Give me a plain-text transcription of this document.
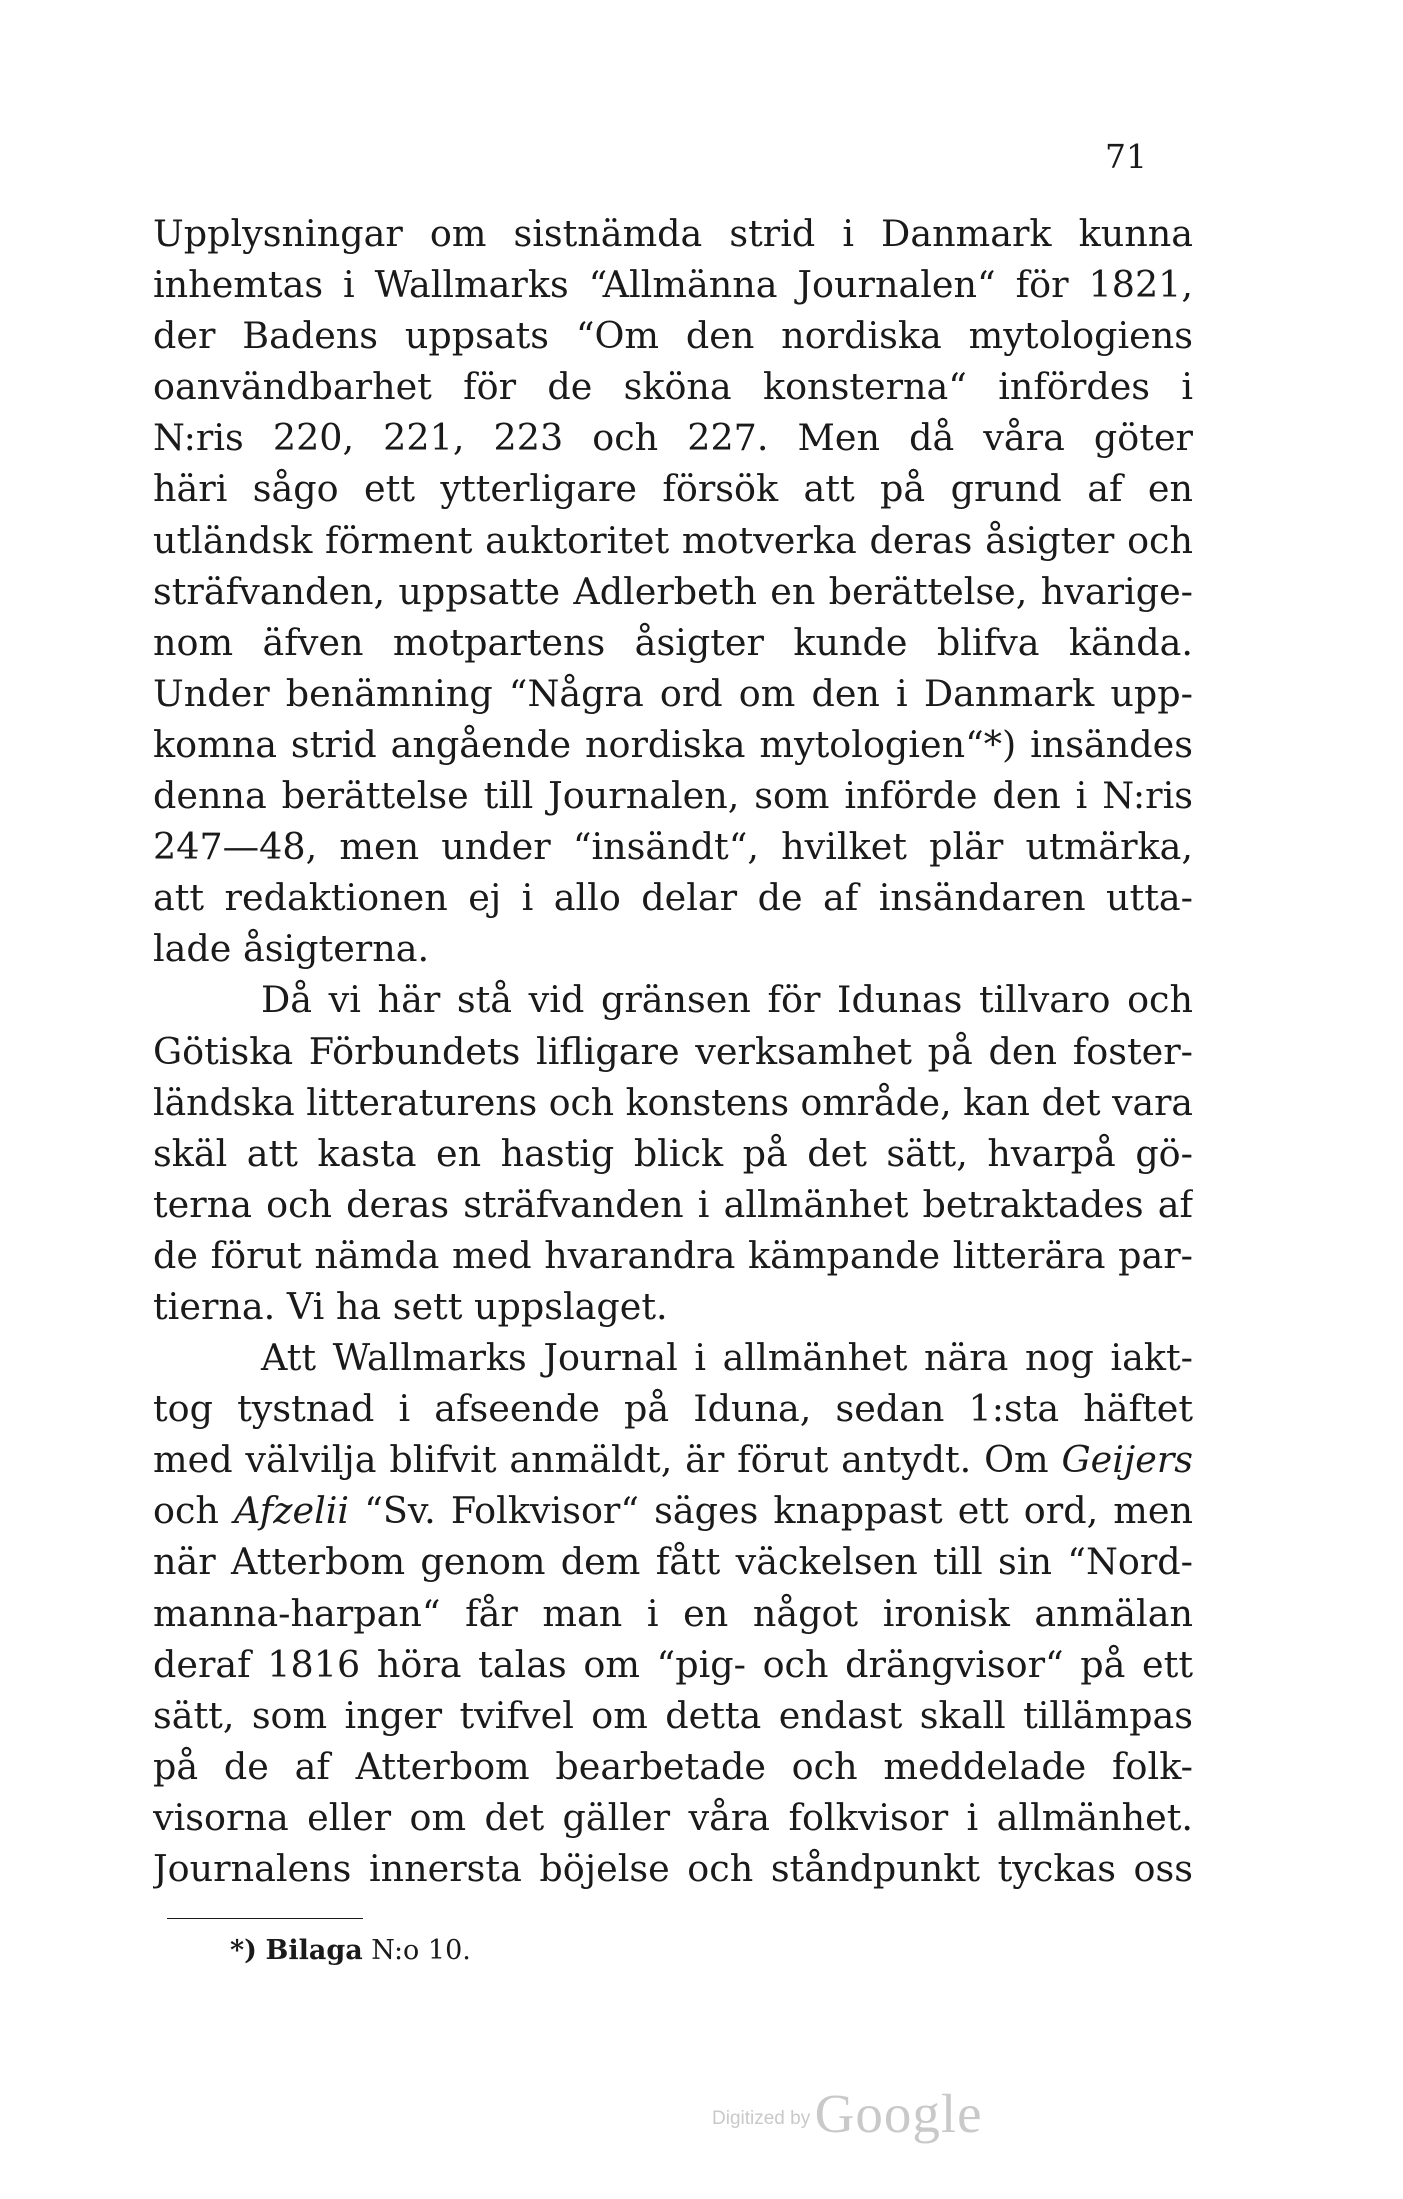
71
Upplysningar om sistnämda strid i Danmark kunna
inhemtas i Wallmarks “Allmänna Journalen“ för 1821,
der Badens uppsats “Om den nordiska mytologiens
oanvändbarhet för de sköna konsterna“ infördes i
N:ris 220, 221, 223 och 227. Men då våra göter
häri sågo ett ytterligare försök att på grund af en
utländsk förment auktoritet motverka deras åsigter och
sträfvanden, uppsatte Adlerbeth en berättelse, hvarige-
nom äfven motpartens åsigter kunde blifva kända.
Under benämning “Några ord om den i Danmark upp-
komna strid angående nordiska mytologien“*) insändes
denna berättelse till Journalen, som införde den i N:ris
247—48, men under “insändt“, hvilket plär utmärka,
att redaktionen ej i allo delar de af insändaren utta-
lade åsigterna.
Då vi här stå vid gränsen för Idunas tillvaro och
Götiska Förbundets lifligare verksamhet på den foster-
ländska litteraturens och konstens område, kan det vara
skäl att kasta en hastig blick på det sätt, hvarpå gö-
terna och deras sträfvanden i allmänhet betraktades af
de förut nämda med hvarandra kämpande litterära par-
tierna. Vi ha sett uppslaget.
Att Wallmarks Journal i allmänhet nära nog iakt-
tog tystnad i afseende på Iduna, sedan 1:sta häftet
med välvilja blifvit anmäldt, är förut antydt. Om Geijers
och Afzelii “Sv. Folkvisor“ säges knappast ett ord, men
när Atterbom genom dem fått väckelsen till sin “Nord-
manna-harpan“ får man i en något ironisk anmälan
deraf 1816 höra talas om “pig- och drängvisor“ på ett
sätt, som inger tvifvel om detta endast skall tillämpas
på de af Atterbom bearbetade och meddelade folk-
visorna eller om det gäller våra folkvisor i allmänhet.
Journalens innersta böjelse och ståndpunkt tyckas oss
*) Bilaga N:o 10.
Digitized by Google
